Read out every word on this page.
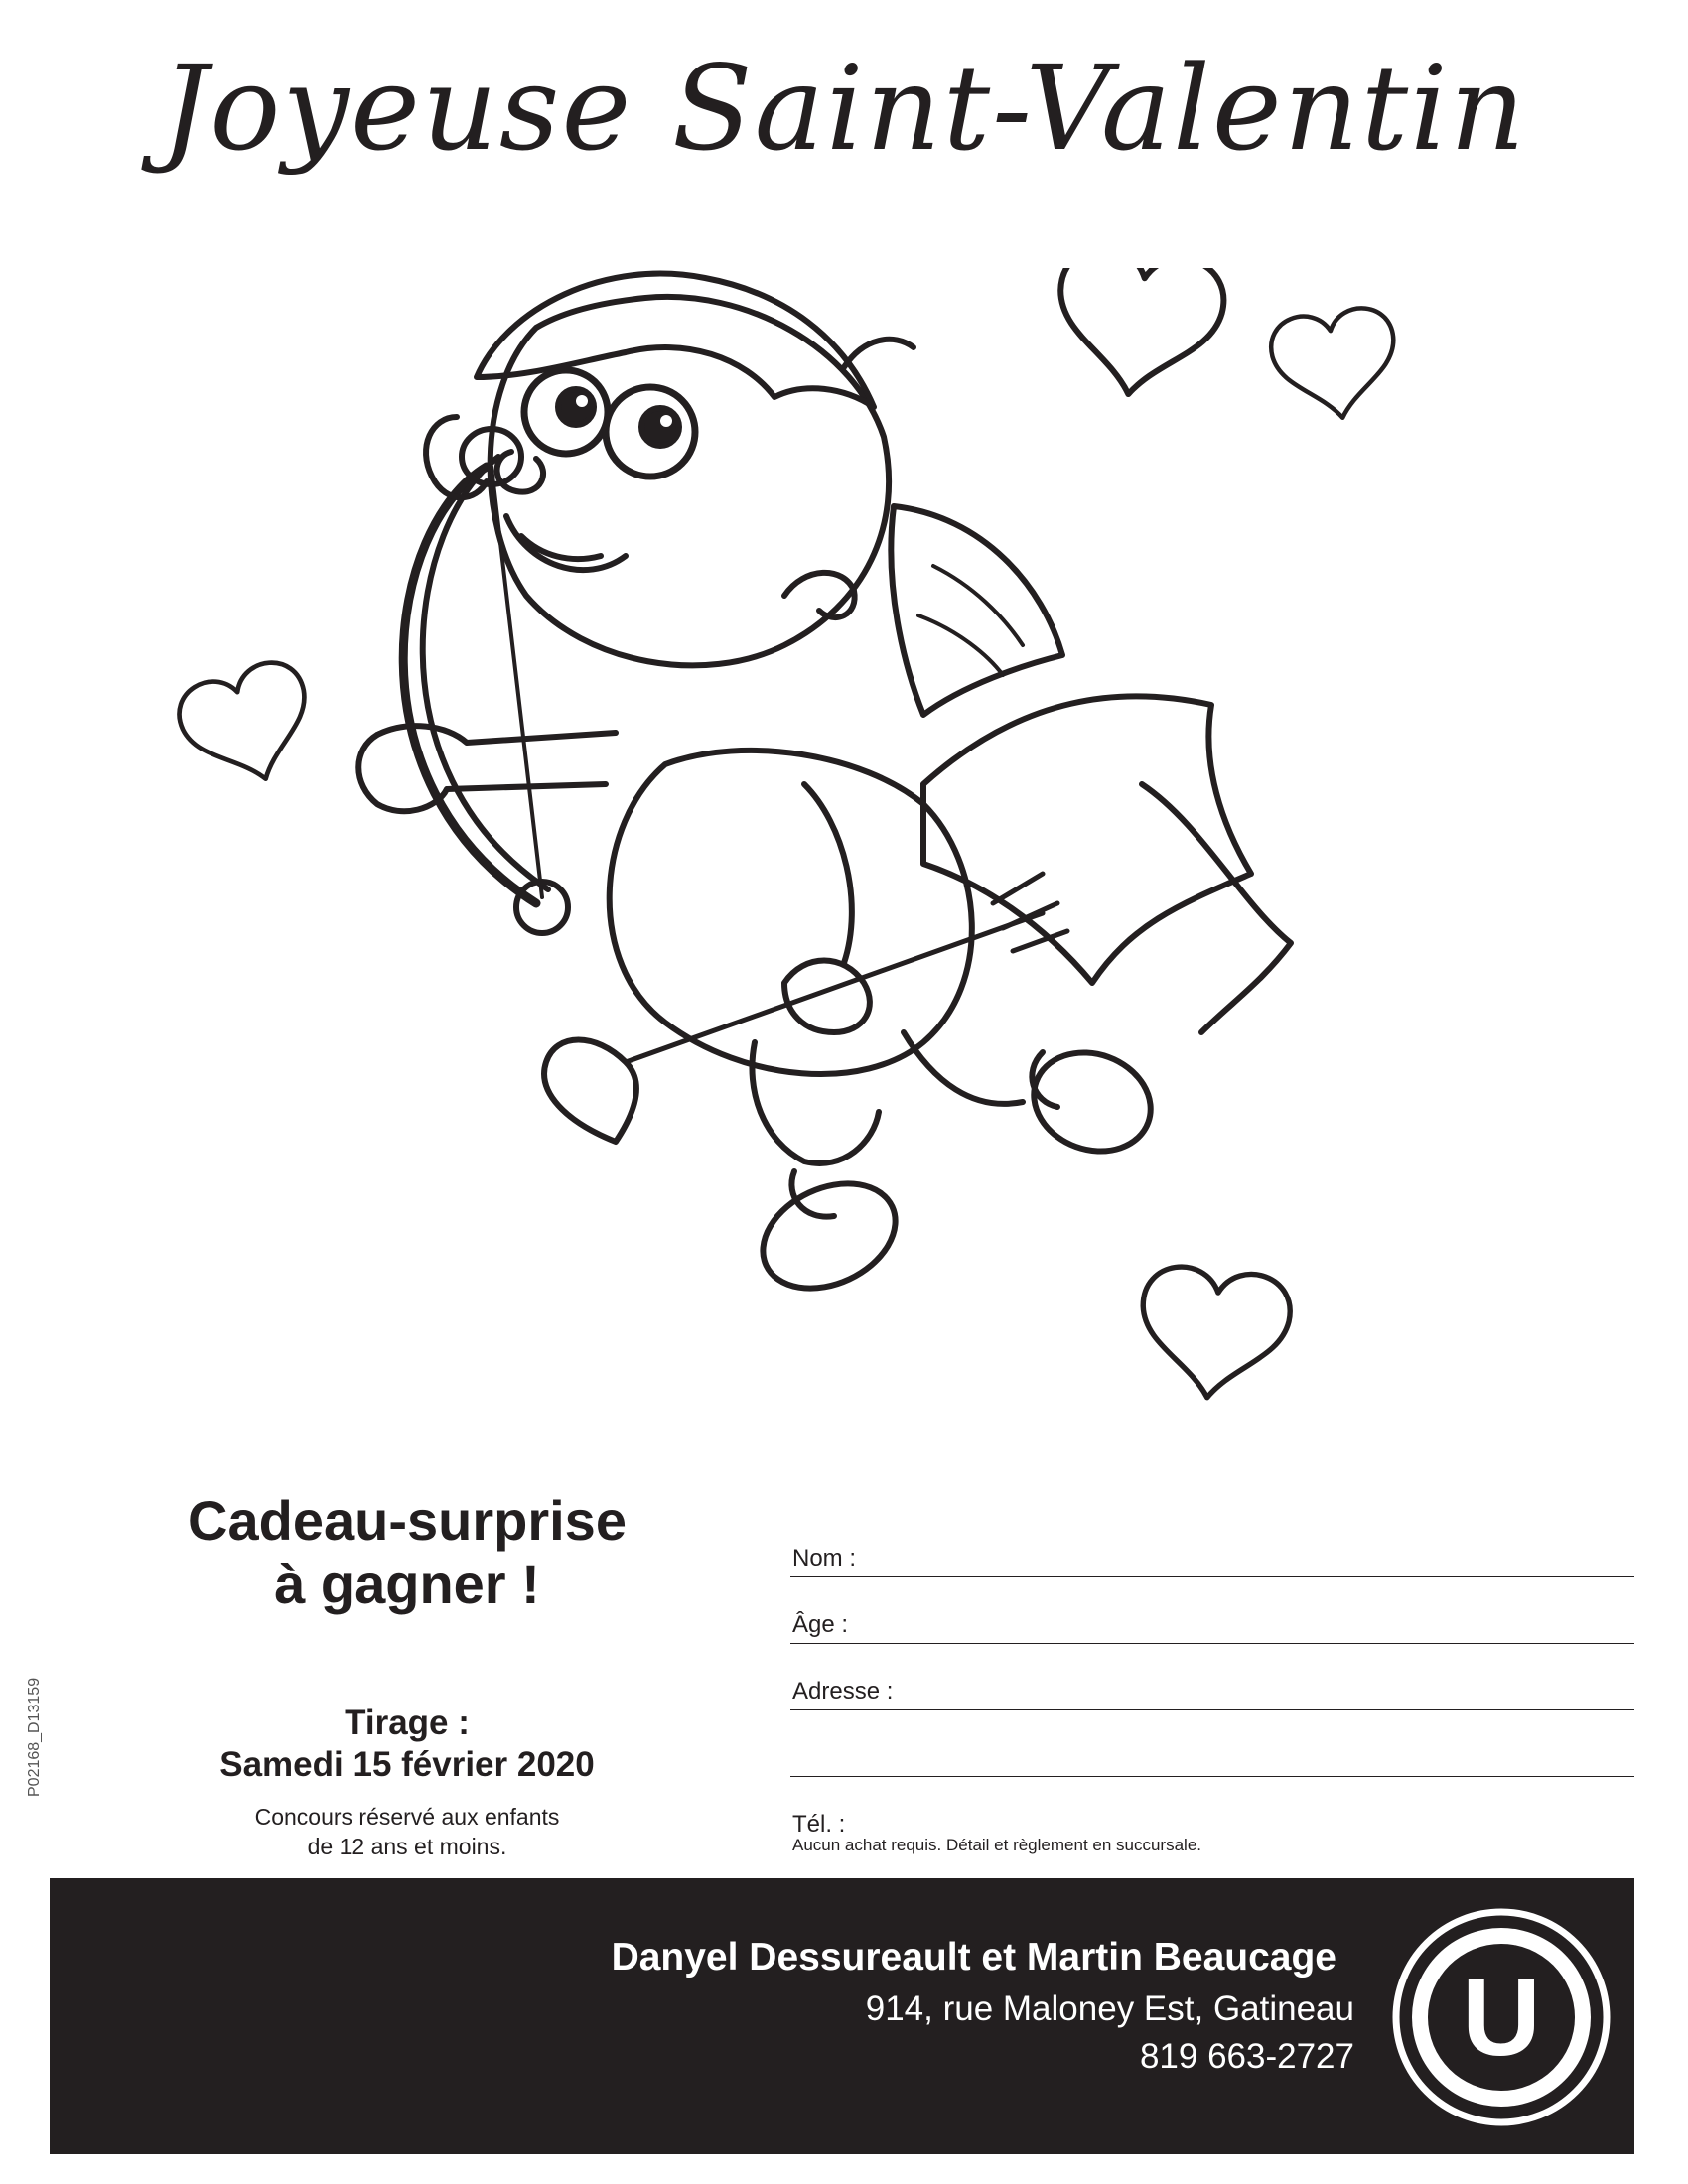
Joyeuse Saint-Valentin
Cadeau-surprise
à gagner !
Tirage :
Samedi 15 février 2020
Concours réservé aux enfants
de 12 ans et moins.
P02168_D13159
Nom :
Âge :
Adresse :
Tél. :
Aucun achat requis. Détail et règlement en succursale.
Danyel Dessureault et Martin Beaucage
914, rue Maloney Est, Gatineau
819 663-2727 U
